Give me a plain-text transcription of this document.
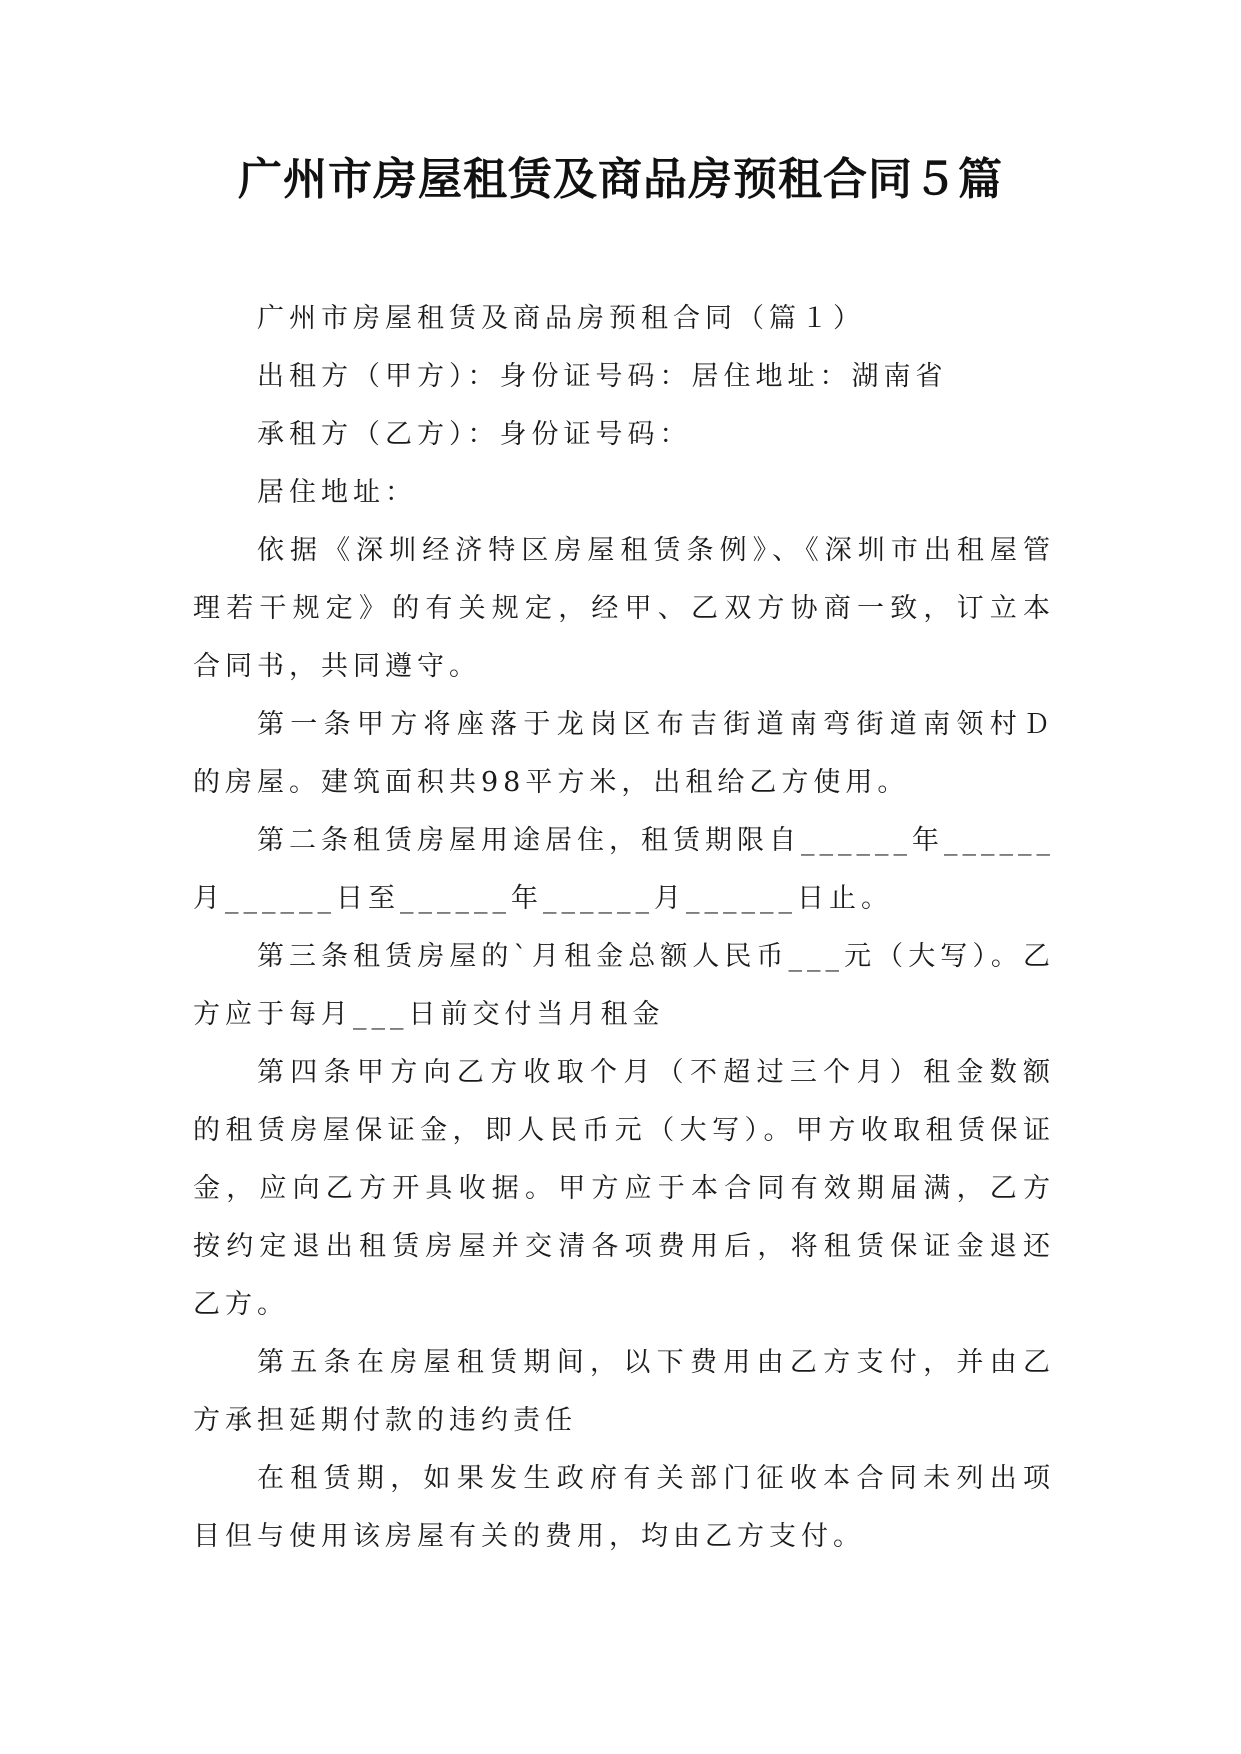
广州市房屋租赁及商品房预租合同５篇

广州市房屋租赁及商品房预租合同（篇１）

出租方（甲方）：身份证号码：居住地址：湖南省

承租方（乙方）：身份证号码：

居住地址：

依据《深圳经济特区房屋租赁条例》、《深圳市出租屋管理若干规定》的有关规定，经甲、乙双方协商一致，订立本合同书，共同遵守。

第一条甲方将座落于龙岗区布吉街道南弯街道南领村Ｄ的房屋。建筑面积共98平方米，出租给乙方使用。

第二条租赁房屋用途居住，租赁期限自______年______月______日至______年______月______日止。

第三条租赁房屋的`月租金总额人民币___元（大写）。乙方应于每月___日前交付当月租金

第四条甲方向乙方收取个月（不超过三个月）租金数额的租赁房屋保证金，即人民币元（大写）。甲方收取租赁保证金，应向乙方开具收据。甲方应于本合同有效期届满，乙方按约定退出租赁房屋并交清各项费用后，将租赁保证金退还乙方。

第五条在房屋租赁期间，以下费用由乙方支付，并由乙方承担延期付款的违约责任

在租赁期，如果发生政府有关部门征收本合同未列出项目但与使用该房屋有关的费用，均由乙方支付。
